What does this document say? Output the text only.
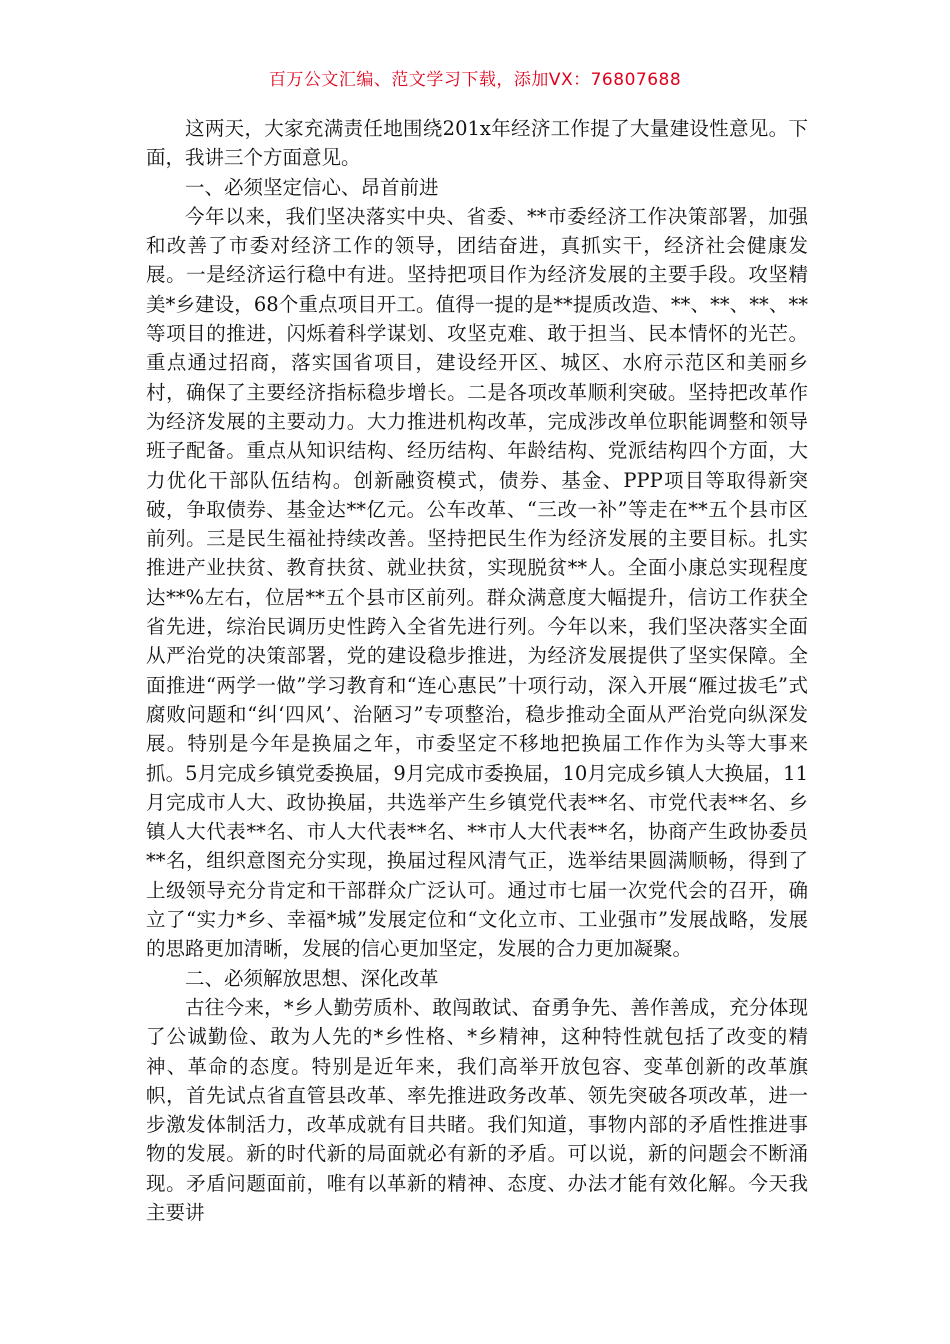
百万公文汇编、范文学习下载，添加VX：76807688

这两天，大家充满责任地围绕201x年经济工作提了大量建设性意见。下面，我讲三个方面意见。

一、必须坚定信心、昂首前进

今年以来，我们坚决落实中央、省委、**市委经济工作决策部署，加强和改善了市委对经济工作的领导，团结奋进，真抓实干，经济社会健康发展。一是经济运行稳中有进。坚持把项目作为经济发展的主要手段。攻坚精美*乡建设，68个重点项目开工。值得一提的是**提质改造、**、**、**、**等项目的推进，闪烁着科学谋划、攻坚克难、敢于担当、民本情怀的光芒。重点通过招商，落实国省项目，建设经开区、城区、水府示范区和美丽乡村，确保了主要经济指标稳步增长。二是各项改革顺利突破。坚持把改革作为经济发展的主要动力。大力推进机构改革，完成涉改单位职能调整和领导班子配备。重点从知识结构、经历结构、年龄结构、党派结构四个方面，大力优化干部队伍结构。创新融资模式，债券、基金、PPP项目等取得新突破，争取债券、基金达**亿元。公车改革、“三改一补”等走在**五个县市区前列。三是民生福祉持续改善。坚持把民生作为经济发展的主要目标。扎实推进产业扶贫、教育扶贫、就业扶贫，实现脱贫**人。全面小康总实现程度达**%左右，位居**五个县市区前列。群众满意度大幅提升，信访工作获全省先进，综治民调历史性跨入全省先进行列。今年以来，我们坚决落实全面从严治党的决策部署，党的建设稳步推进，为经济发展提供了坚实保障。全面推进“两学一做”学习教育和“连心惠民”十项行动，深入开展“雁过拔毛”式腐败问题和“纠‘四风’、治陋习”专项整治，稳步推动全面从严治党向纵深发展。特别是今年是换届之年，市委坚定不移地把换届工作作为头等大事来抓。5月完成乡镇党委换届，9月完成市委换届，10月完成乡镇人大换届，11月完成市人大、政协换届，共选举产生乡镇党代表**名、市党代表**名、乡镇人大代表**名、市人大代表**名、**市人大代表**名，协商产生政协委员**名，组织意图充分实现，换届过程风清气正，选举结果圆满顺畅，得到了上级领导充分肯定和干部群众广泛认可。通过市七届一次党代会的召开，确立了“实力*乡、幸福*城”发展定位和“文化立市、工业强市”发展战略，发展的思路更加清晰，发展的信心更加坚定，发展的合力更加凝聚。

二、必须解放思想、深化改革

古往今来，*乡人勤劳质朴、敢闯敢试、奋勇争先、善作善成，充分体现了公诚勤俭、敢为人先的*乡性格、*乡精神，这种特性就包括了改变的精神、革命的态度。特别是近年来，我们高举开放包容、变革创新的改革旗帜，首先试点省直管县改革、率先推进政务改革、领先突破各项改革，进一步激发体制活力，改革成就有目共睹。我们知道，事物内部的矛盾性推进事物的发展。新的时代新的局面就必有新的矛盾。可以说，新的问题会不断涌现。矛盾问题面前，唯有以革新的精神、态度、办法才能有效化解。今天我主要讲
